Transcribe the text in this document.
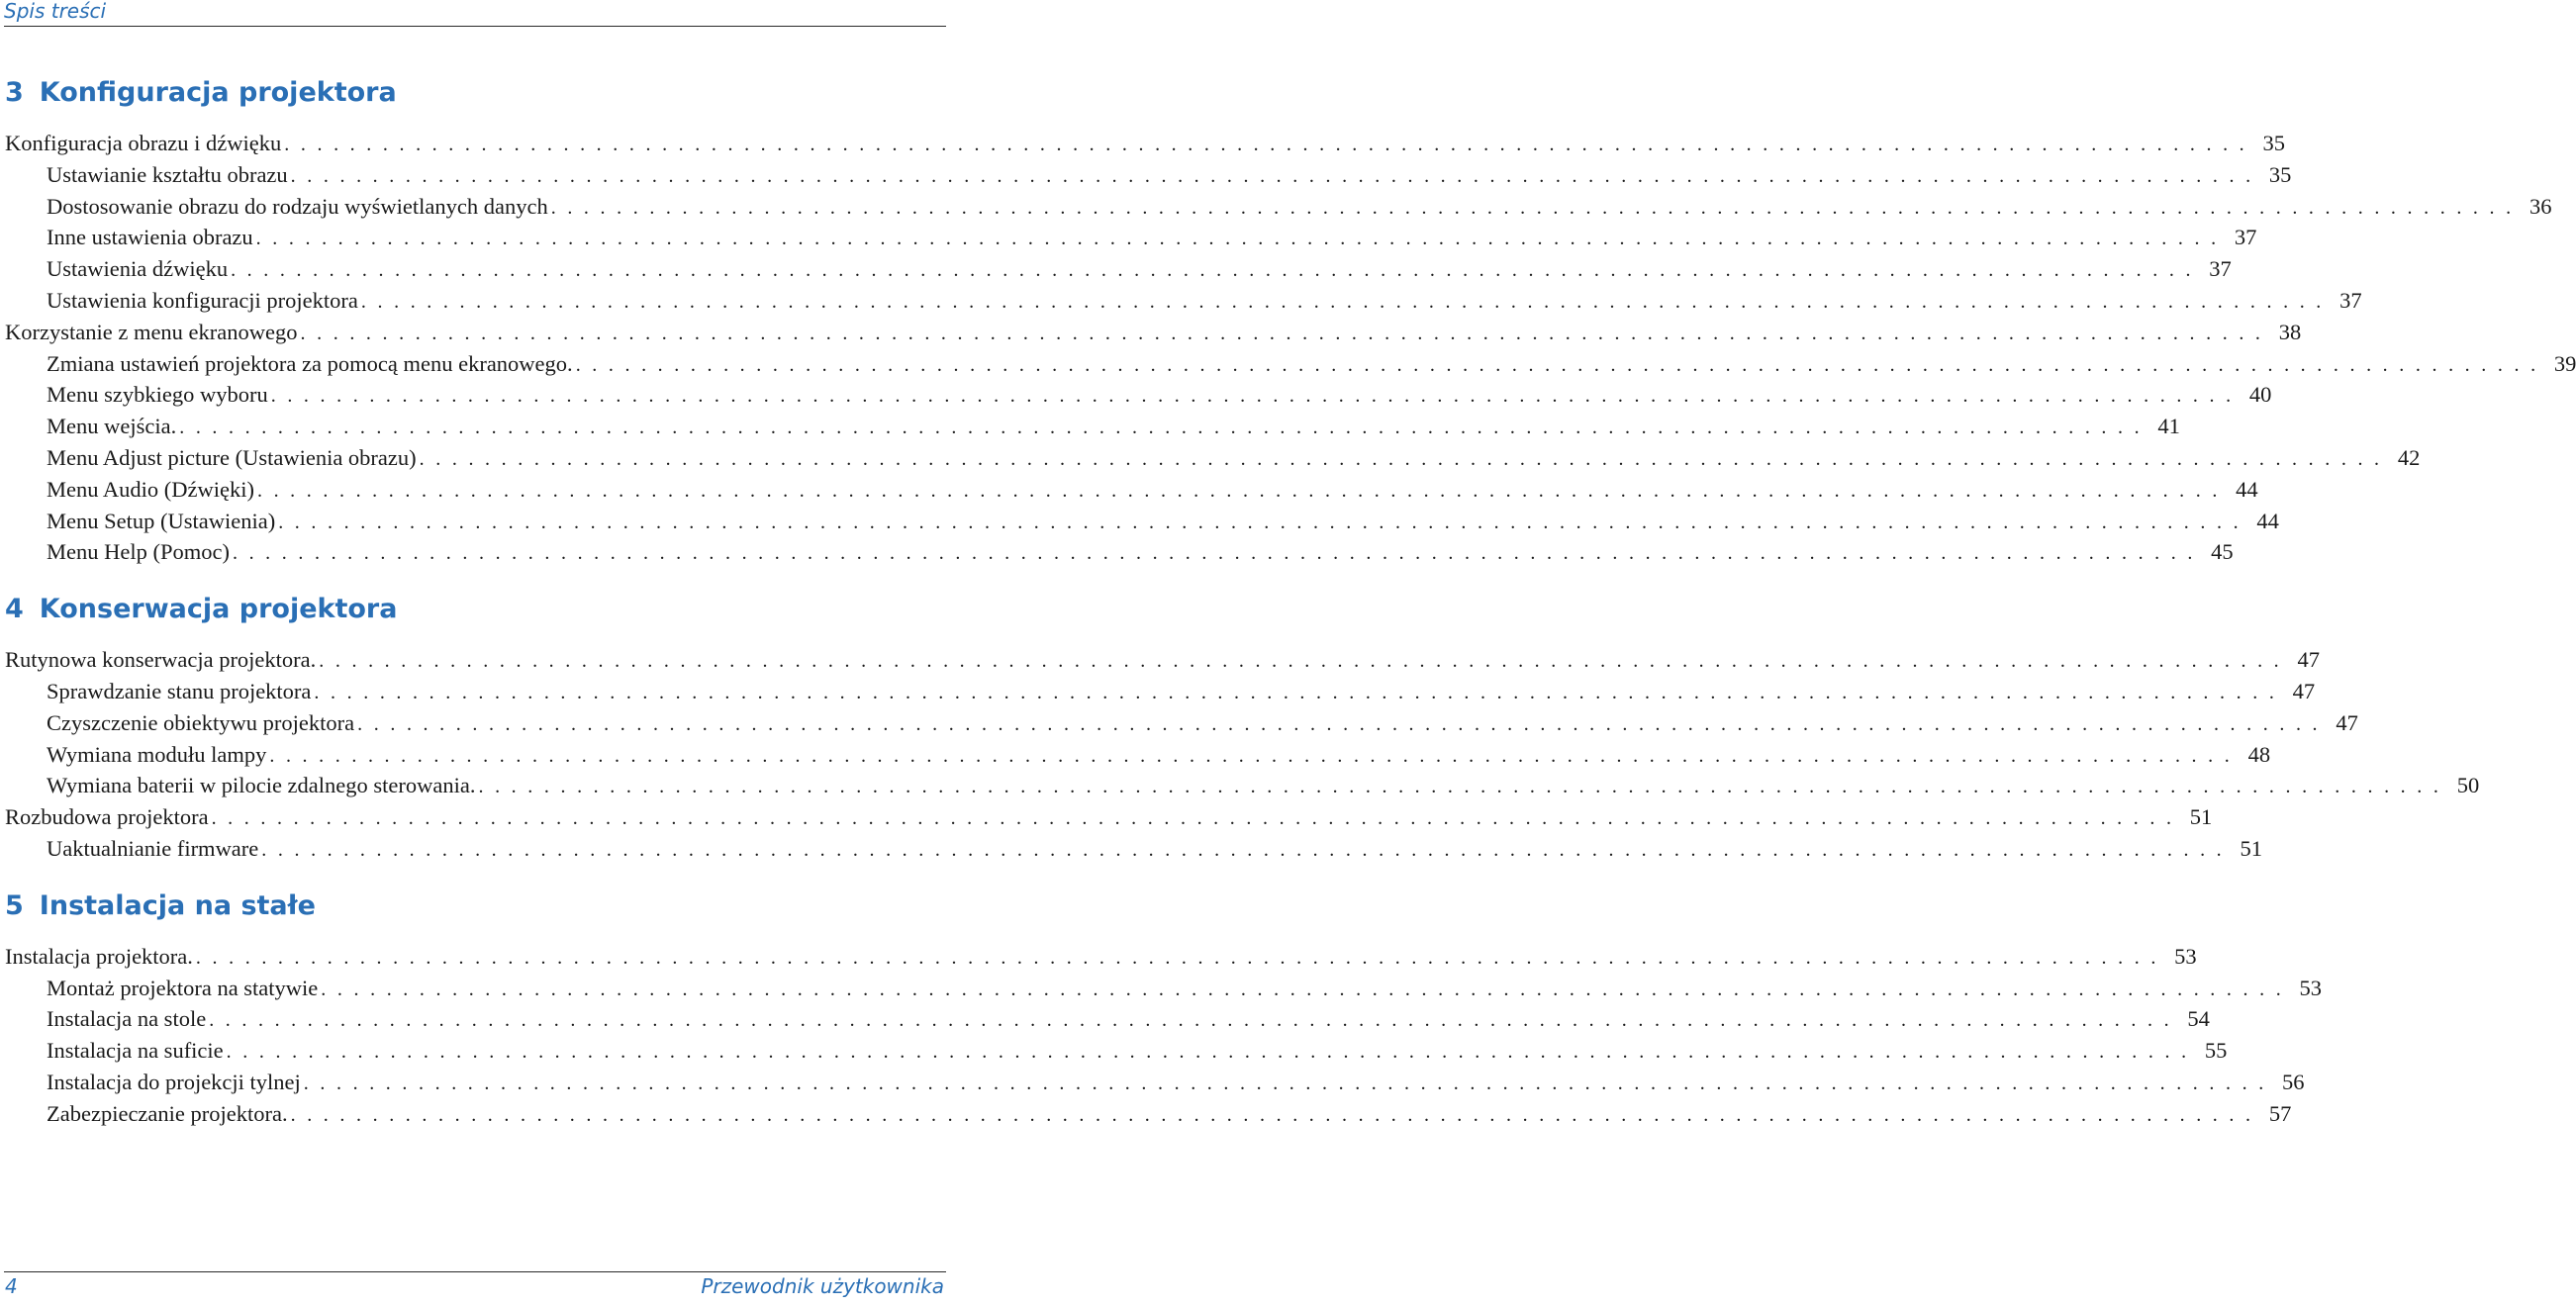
Spis treści
3 Konfiguracja projektora
Konfiguracja obrazu i dźwięku . . . . . . . . . . . . . . . . . . . . . . . . . . . . . . . . . . . . . . . . . . . . . . . . . . . . . . . . . . . . . . . . . . . . . . . . . . . . . . . . . . . . . . . . . . . . . . . . . . . . . . . . . . . . . . . . . . . . . . . . 35
Ustawianie kształtu obrazu . . . . . . . . . . . . . . . . . . . . . . . . . . . . . . . . . . . . . . . . . . . . . . . . . . . . . . . . . . . . . . . . . . . . . . . . . . . . . . . . . . . . . . . . . . . . . . . . . . . . . . . . . . . . . . . . . . . . . . . . 35
Dostosowanie obrazu do rodzaju wyświetlanych danych . . . . . . . . . . . . . . . . . . . . . . . . . . . . . . . . . . . . . . . . . . . . . . . . . . . . . . . . . . . . . . . . . . . . . . . . . . . . . . . . . . . . . . . . . . . . . . . . . . . . . . . . . . . . . . . . . . . . . . . . 36
Inne ustawienia obrazu . . . . . . . . . . . . . . . . . . . . . . . . . . . . . . . . . . . . . . . . . . . . . . . . . . . . . . . . . . . . . . . . . . . . . . . . . . . . . . . . . . . . . . . . . . . . . . . . . . . . . . . . . . . . . . . . . . . . . . . . 37
Ustawienia dźwięku . . . . . . . . . . . . . . . . . . . . . . . . . . . . . . . . . . . . . . . . . . . . . . . . . . . . . . . . . . . . . . . . . . . . . . . . . . . . . . . . . . . . . . . . . . . . . . . . . . . . . . . . . . . . . . . . . . . . . . . . 37
Ustawienia konfiguracji projektora . . . . . . . . . . . . . . . . . . . . . . . . . . . . . . . . . . . . . . . . . . . . . . . . . . . . . . . . . . . . . . . . . . . . . . . . . . . . . . . . . . . . . . . . . . . . . . . . . . . . . . . . . . . . . . . . . . . . . . . . 37
Korzystanie z menu ekranowego . . . . . . . . . . . . . . . . . . . . . . . . . . . . . . . . . . . . . . . . . . . . . . . . . . . . . . . . . . . . . . . . . . . . . . . . . . . . . . . . . . . . . . . . . . . . . . . . . . . . . . . . . . . . . . . . . . . . . . . . 38
Zmiana ustawień projektora za pomocą menu ekranowego. . . . . . . . . . . . . . . . . . . . . . . . . . . . . . . . . . . . . . . . . . . . . . . . . . . . . . . . . . . . . . . . . . . . . . . . . . . . . . . . . . . . . . . . . . . . . . . . . . . . . . . . . . . . . . . . . . . . . . . . . 39
Menu szybkiego wyboru . . . . . . . . . . . . . . . . . . . . . . . . . . . . . . . . . . . . . . . . . . . . . . . . . . . . . . . . . . . . . . . . . . . . . . . . . . . . . . . . . . . . . . . . . . . . . . . . . . . . . . . . . . . . . . . . . . . . . . . . 40
Menu wejścia. . . . . . . . . . . . . . . . . . . . . . . . . . . . . . . . . . . . . . . . . . . . . . . . . . . . . . . . . . . . . . . . . . . . . . . . . . . . . . . . . . . . . . . . . . . . . . . . . . . . . . . . . . . . . . . . . . . . . . . . . 41
Menu Adjust picture (Ustawienia obrazu) . . . . . . . . . . . . . . . . . . . . . . . . . . . . . . . . . . . . . . . . . . . . . . . . . . . . . . . . . . . . . . . . . . . . . . . . . . . . . . . . . . . . . . . . . . . . . . . . . . . . . . . . . . . . . . . . . . . . . . . . 42
Menu Audio (Dźwięki) . . . . . . . . . . . . . . . . . . . . . . . . . . . . . . . . . . . . . . . . . . . . . . . . . . . . . . . . . . . . . . . . . . . . . . . . . . . . . . . . . . . . . . . . . . . . . . . . . . . . . . . . . . . . . . . . . . . . . . . . 44
Menu Setup (Ustawienia) . . . . . . . . . . . . . . . . . . . . . . . . . . . . . . . . . . . . . . . . . . . . . . . . . . . . . . . . . . . . . . . . . . . . . . . . . . . . . . . . . . . . . . . . . . . . . . . . . . . . . . . . . . . . . . . . . . . . . . . . 44
Menu Help (Pomoc) . . . . . . . . . . . . . . . . . . . . . . . . . . . . . . . . . . . . . . . . . . . . . . . . . . . . . . . . . . . . . . . . . . . . . . . . . . . . . . . . . . . . . . . . . . . . . . . . . . . . . . . . . . . . . . . . . . . . . . . . 45
4 Konserwacja projektora
Rutynowa konserwacja projektora. . . . . . . . . . . . . . . . . . . . . . . . . . . . . . . . . . . . . . . . . . . . . . . . . . . . . . . . . . . . . . . . . . . . . . . . . . . . . . . . . . . . . . . . . . . . . . . . . . . . . . . . . . . . . . . . . . . . . . . . . 47
Sprawdzanie stanu projektora . . . . . . . . . . . . . . . . . . . . . . . . . . . . . . . . . . . . . . . . . . . . . . . . . . . . . . . . . . . . . . . . . . . . . . . . . . . . . . . . . . . . . . . . . . . . . . . . . . . . . . . . . . . . . . . . . . . . . . . . 47
Czyszczenie obiektywu projektora . . . . . . . . . . . . . . . . . . . . . . . . . . . . . . . . . . . . . . . . . . . . . . . . . . . . . . . . . . . . . . . . . . . . . . . . . . . . . . . . . . . . . . . . . . . . . . . . . . . . . . . . . . . . . . . . . . . . . . . . 47
Wymiana modułu lampy . . . . . . . . . . . . . . . . . . . . . . . . . . . . . . . . . . . . . . . . . . . . . . . . . . . . . . . . . . . . . . . . . . . . . . . . . . . . . . . . . . . . . . . . . . . . . . . . . . . . . . . . . . . . . . . . . . . . . . . . 48
Wymiana baterii w pilocie zdalnego sterowania. . . . . . . . . . . . . . . . . . . . . . . . . . . . . . . . . . . . . . . . . . . . . . . . . . . . . . . . . . . . . . . . . . . . . . . . . . . . . . . . . . . . . . . . . . . . . . . . . . . . . . . . . . . . . . . . . . . . . . . . . 50
Rozbudowa projektora . . . . . . . . . . . . . . . . . . . . . . . . . . . . . . . . . . . . . . . . . . . . . . . . . . . . . . . . . . . . . . . . . . . . . . . . . . . . . . . . . . . . . . . . . . . . . . . . . . . . . . . . . . . . . . . . . . . . . . . . 51
Uaktualnianie firmware . . . . . . . . . . . . . . . . . . . . . . . . . . . . . . . . . . . . . . . . . . . . . . . . . . . . . . . . . . . . . . . . . . . . . . . . . . . . . . . . . . . . . . . . . . . . . . . . . . . . . . . . . . . . . . . . . . . . . . . . 51
5 Instalacja na stałe
Instalacja projektora. . . . . . . . . . . . . . . . . . . . . . . . . . . . . . . . . . . . . . . . . . . . . . . . . . . . . . . . . . . . . . . . . . . . . . . . . . . . . . . . . . . . . . . . . . . . . . . . . . . . . . . . . . . . . . . . . . . . . . . . . 53
Montaż projektora na statywie . . . . . . . . . . . . . . . . . . . . . . . . . . . . . . . . . . . . . . . . . . . . . . . . . . . . . . . . . . . . . . . . . . . . . . . . . . . . . . . . . . . . . . . . . . . . . . . . . . . . . . . . . . . . . . . . . . . . . . . . 53
Instalacja na stole . . . . . . . . . . . . . . . . . . . . . . . . . . . . . . . . . . . . . . . . . . . . . . . . . . . . . . . . . . . . . . . . . . . . . . . . . . . . . . . . . . . . . . . . . . . . . . . . . . . . . . . . . . . . . . . . . . . . . . . . 54
Instalacja na suficie . . . . . . . . . . . . . . . . . . . . . . . . . . . . . . . . . . . . . . . . . . . . . . . . . . . . . . . . . . . . . . . . . . . . . . . . . . . . . . . . . . . . . . . . . . . . . . . . . . . . . . . . . . . . . . . . . . . . . . . . 55
Instalacja do projekcji tylnej . . . . . . . . . . . . . . . . . . . . . . . . . . . . . . . . . . . . . . . . . . . . . . . . . . . . . . . . . . . . . . . . . . . . . . . . . . . . . . . . . . . . . . . . . . . . . . . . . . . . . . . . . . . . . . . . . . . . . . . . 56
Zabezpieczanie projektora. . . . . . . . . . . . . . . . . . . . . . . . . . . . . . . . . . . . . . . . . . . . . . . . . . . . . . . . . . . . . . . . . . . . . . . . . . . . . . . . . . . . . . . . . . . . . . . . . . . . . . . . . . . . . . . . . . . . . . . . . 57
4	Przewodnik użytkownika
